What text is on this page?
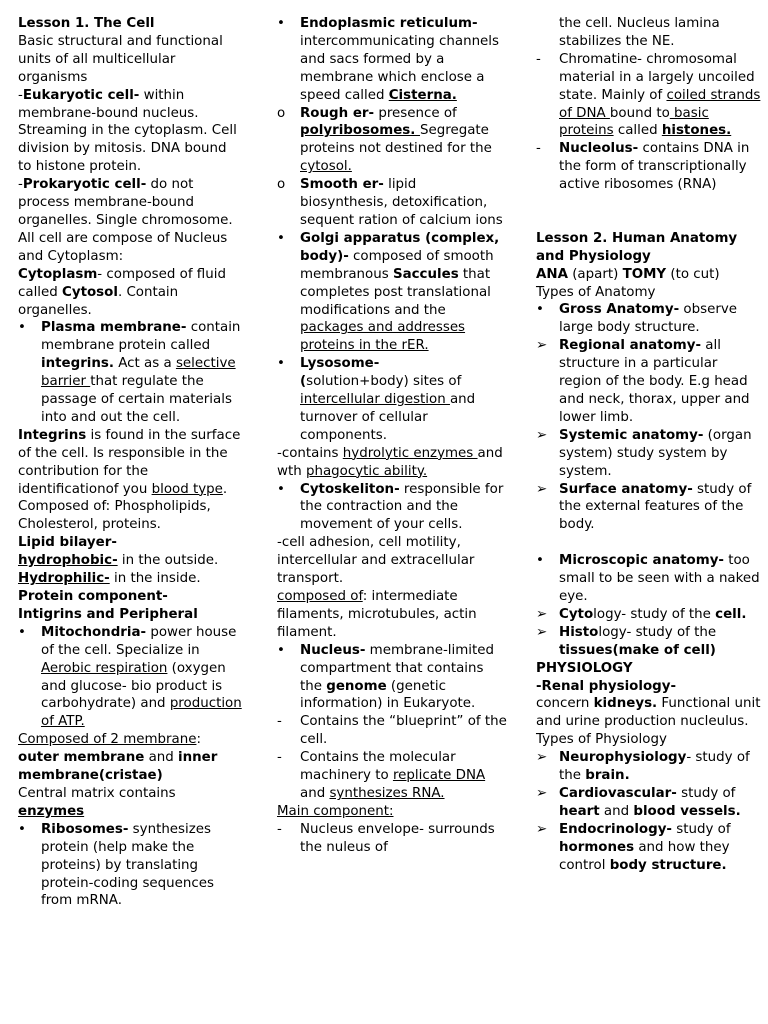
Lesson 1. The Cell

Basic structural and functional units of all multicellular organisms

-Eukaryotic cell- within membrane-bound nucleus. Streaming in the cytoplasm. Cell division by mitosis. DNA bound to histone protein.

-Prokaryotic cell- do not process membrane-bound organelles. Single chromosome.

All cell are compose of Nucleus and Cytoplasm:

Cytoplasm- composed of fluid called Cytosol. Contain organelles.

•	Plasma membrane- contain membrane protein called integrins. Act as a selective barrier that regulate the passage of certain materials into and out the cell.

Integrins is found in the surface of the cell. Is responsible in the contribution for the identificationof you blood type. Composed of: Phospholipids, Cholesterol, proteins.

Lipid bilayer-

hydrophobic- in the outside.

Hydrophilic- in the inside.

Protein component-

Intigrins and Peripheral

•	Mitochondria- power house of the cell. Specialize in Aerobic respiration (oxygen and glucose- bio product is carbohydrate) and production of ATP.

Composed of 2 membrane:

outer membrane and inner membrane(cristae)

Central matrix contains

enzymes

•	Ribosomes- synthesizes protein (help make the proteins) by translating protein-coding sequences from mRNA.
•	Endoplasmic reticulum- intercommunicating channels and sacs formed by a membrane which enclose a speed called Cisterna.
o	Rough er- presence of polyribosomes. Segregate proteins not destined for the cytosol.
o	Smooth er- lipid biosynthesis, detoxification, sequent ration of calcium ions
•	Golgi apparatus (complex, body)- composed of smooth membranous Saccules that completes post translational modifications and the packages and addresses proteins in the rER.
•	Lysosome-
(solution+body) sites of intercellular digestion and turnover of cellular components.

-contains hydrolytic enzymes and wth phagocytic ability.

•	Cytoskeliton- responsible for the contraction and the movement of your cells.

-cell adhesion, cell motility, intercellular and extracellular transport.

composed of: intermediate filaments, microtubules, actin filament.

•	Nucleus- membrane-limited compartment that contains the genome (genetic information) in Eukaryote.
-	Contains the “blueprint” of the cell.
-	Contains the molecular machinery to replicate DNA and synthesizes RNA.

Main component:

-	Nucleus envelope- surrounds the nuleus of
the cell. Nucleus lamina stabilizes the NE.
-	Chromatine- chromosomal material in a largely uncoiled state. Mainly of coiled strands of DNA bound to basic proteins called histones.
-	Nucleolus- contains DNA in the form of transcriptionally active ribosomes (RNA)

Lesson 2. Human Anatomy and Physiology

ANA (apart) TOMY (to cut)

Types of Anatomy

•	Gross Anatomy- observe large body structure.
➢ Regional anatomy- all structure in a particular region of the body. E.g head and neck, thorax, upper and lower limb.
➢ Systemic anatomy- (organ system) study system by system.
➢ Surface anatomy- study of the external features of the body.
•	Microscopic anatomy- too small to be seen with a naked eye.
➢ Cytology- study of the cell.
➢ Histology- study of the tissues(make of cell)

PHYSIOLOGY

-Renal physiology-

concern kidneys. Functional unit and urine production nucleulus.

Types of Physiology

➢ Neurophysiology- study of the brain.
➢ Cardiovascular- study of heart and blood vessels.
➢ Endocrinology- study of hormones and how they control body structure.
